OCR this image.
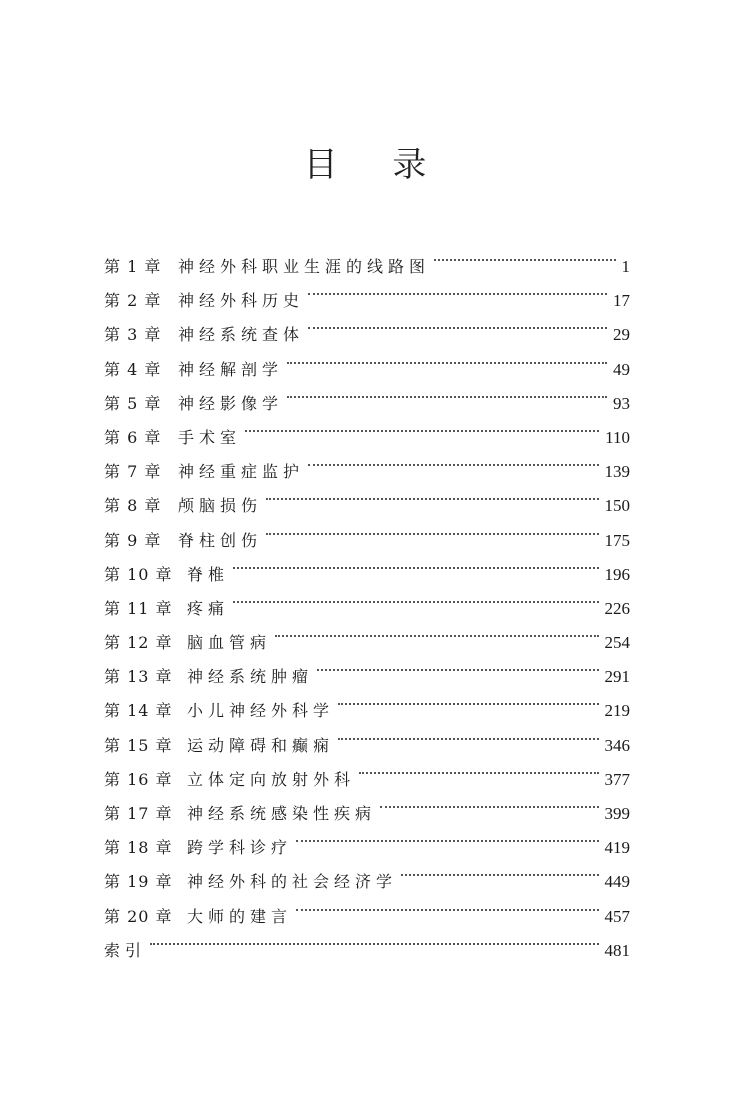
目 录
第 1 章	神经外科职业生涯的线路图	1
第 2 章	神经外科历史	17
第 3 章	神经系统查体	29
第 4 章	神经解剖学	49
第 5 章	神经影像学	93
第 6 章	手术室	110
第 7 章	神经重症监护	139
第 8 章	颅脑损伤	150
第 9 章	脊柱创伤	175
第 10 章 脊椎	196
第 11 章 疼痛	226
第 12 章 脑血管病	254
第 13 章 神经系统肿瘤	291
第 14 章 小儿神经外科学	219
第 15 章 运动障碍和癫痫	346
第 16 章 立体定向放射外科	377
第 17 章 神经系统感染性疾病	399
第 18 章 跨学科诊疗	419
第 19 章 神经外科的社会经济学	449
第 20 章 大师的建言	457
索引	481
